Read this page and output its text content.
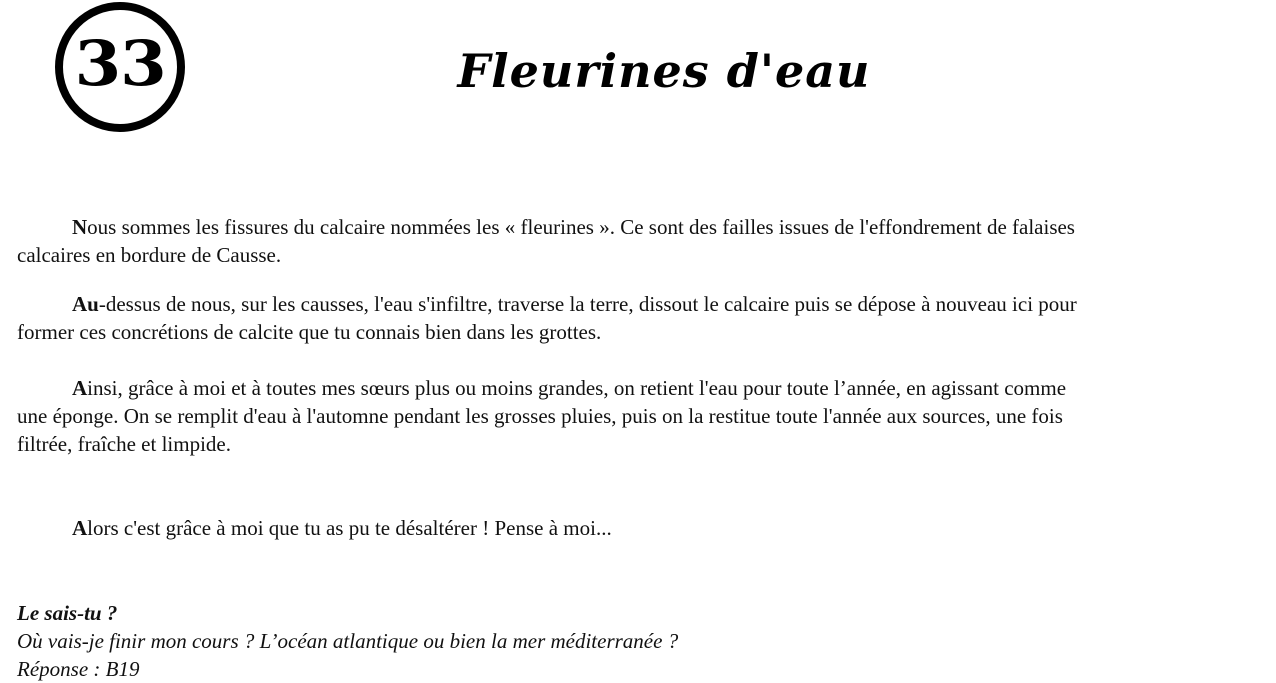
33	Fleurines d'eau

Nous sommes les fissures du calcaire nommées les « fleurines ». Ce sont des failles issues de l'effondrement de falaises calcaires en bordure de Causse.

Au-dessus de nous, sur les causses, l'eau s'infiltre, traverse la terre, dissout le calcaire puis se dépose à nouveau ici pour former ces concrétions de calcite que tu connais bien dans les grottes.

Ainsi, grâce à moi et à toutes mes sœurs plus ou moins grandes, on retient l'eau pour toute l’année, en agissant comme une éponge. On se remplit d'eau à l'automne pendant les grosses pluies, puis on la restitue toute l'année aux sources, une fois filtrée, fraîche et limpide.

Alors c'est grâce à moi que tu as pu te désaltérer ! Pense à moi...

Le sais-tu ?
Où vais-je finir mon cours ? L’océan atlantique ou bien la mer méditerranée ?
Réponse : B19
